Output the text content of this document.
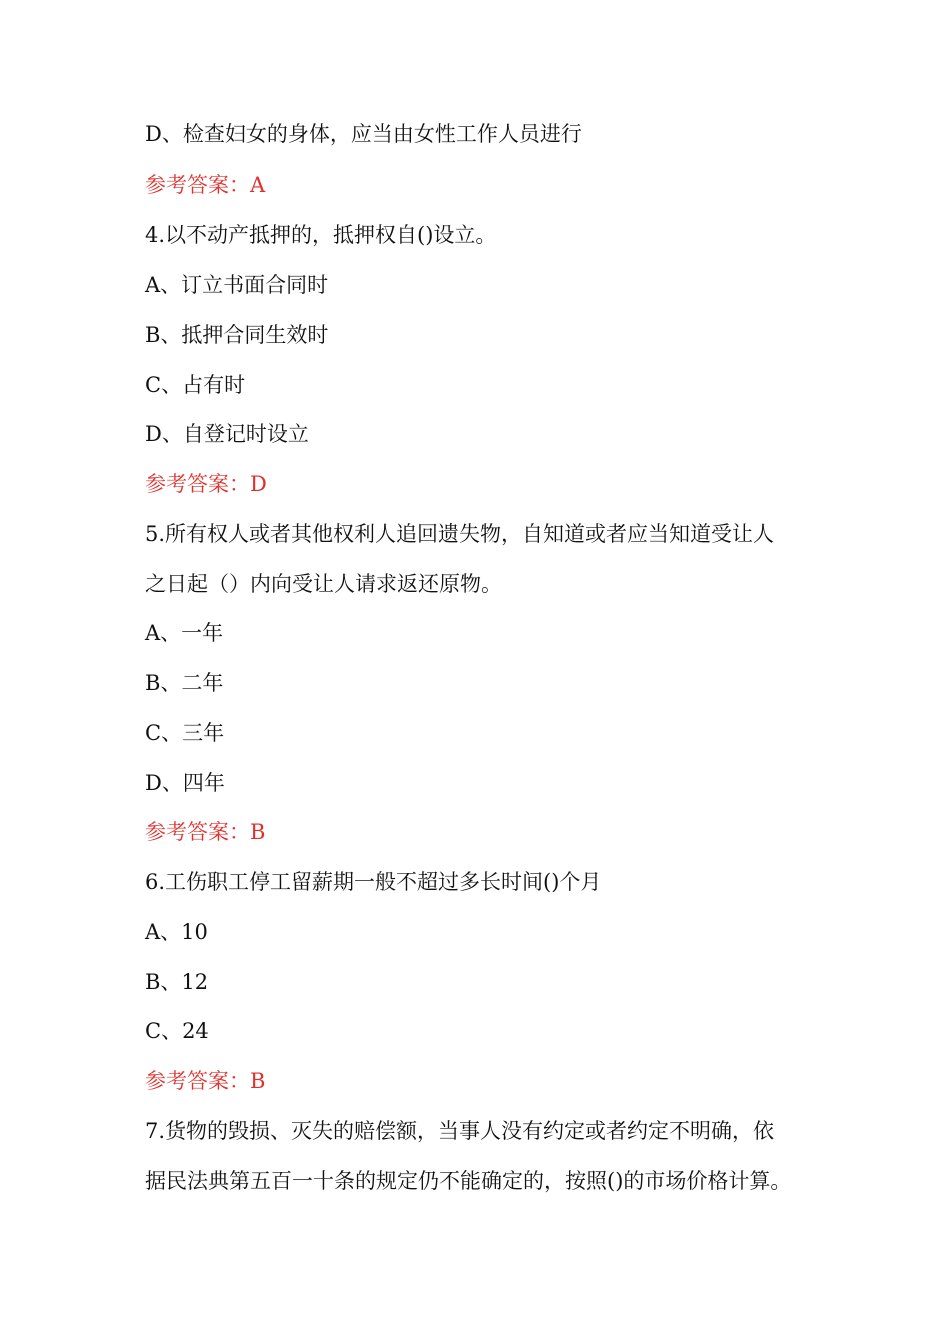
D、检查妇女的身体，应当由女性工作人员进行
参考答案：A
4.以不动产抵押的，抵押权自()设立。
A、订立书面合同时
B、抵押合同生效时
C、占有时
D、自登记时设立
参考答案：D
5.所有权人或者其他权利人追回遗失物，自知道或者应当知道受让人
之日起（）内向受让人请求返还原物。
A、一年
B、二年
C、三年
D、四年
参考答案：B
6.工伤职工停工留薪期一般不超过多长时间()个月
A、10
B、12
C、24
参考答案：B
7.货物的毁损、灭失的赔偿额，当事人没有约定或者约定不明确，依
据民法典第五百一十条的规定仍不能确定的，按照()的市场价格计算。
